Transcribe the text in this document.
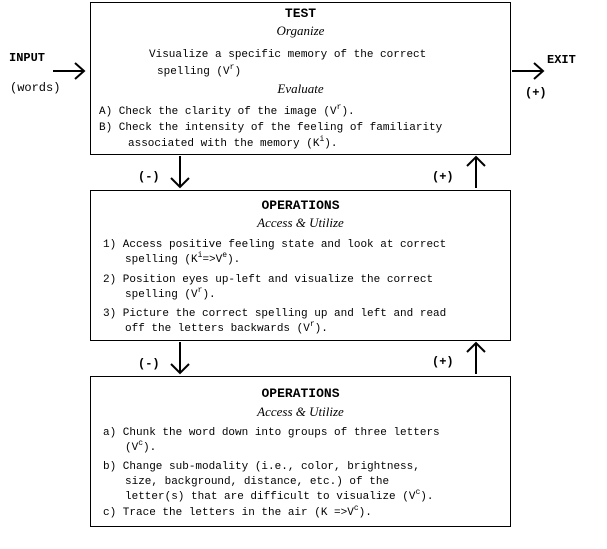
INPUT
(words)
EXIT
(+)
(-)	(+)
(-)	(+)
TEST
Organize
Visualize a specific memory of the correct
spelling $(V^r)$
Evaluate
A) Check the clarity of the image $(V^r)$.
B) Check the intensity of the feeling of familiarity
associated with the memory $(K^i)$.
OPERATIONS
Access & Utilize
1) Access positive feeling state and look at correct
spelling $(K^i=>V^e)$.
2) Position eyes up-left and visualize the correct
spelling $(V^r)$.
3) Picture the correct spelling up and left and read
off the letters backwards $(V^r)$.
OPERATIONS
Access & Utilize
a) Chunk the word down into groups of three letters
$(V^c)$.
b) Change sub-modality (i.e., color, brightness,
size, background, distance, etc.) of the
letter(s) that are difficult to visualize $(V^c)$.
c) Trace the letters in the air $(K =>V^c)$.
